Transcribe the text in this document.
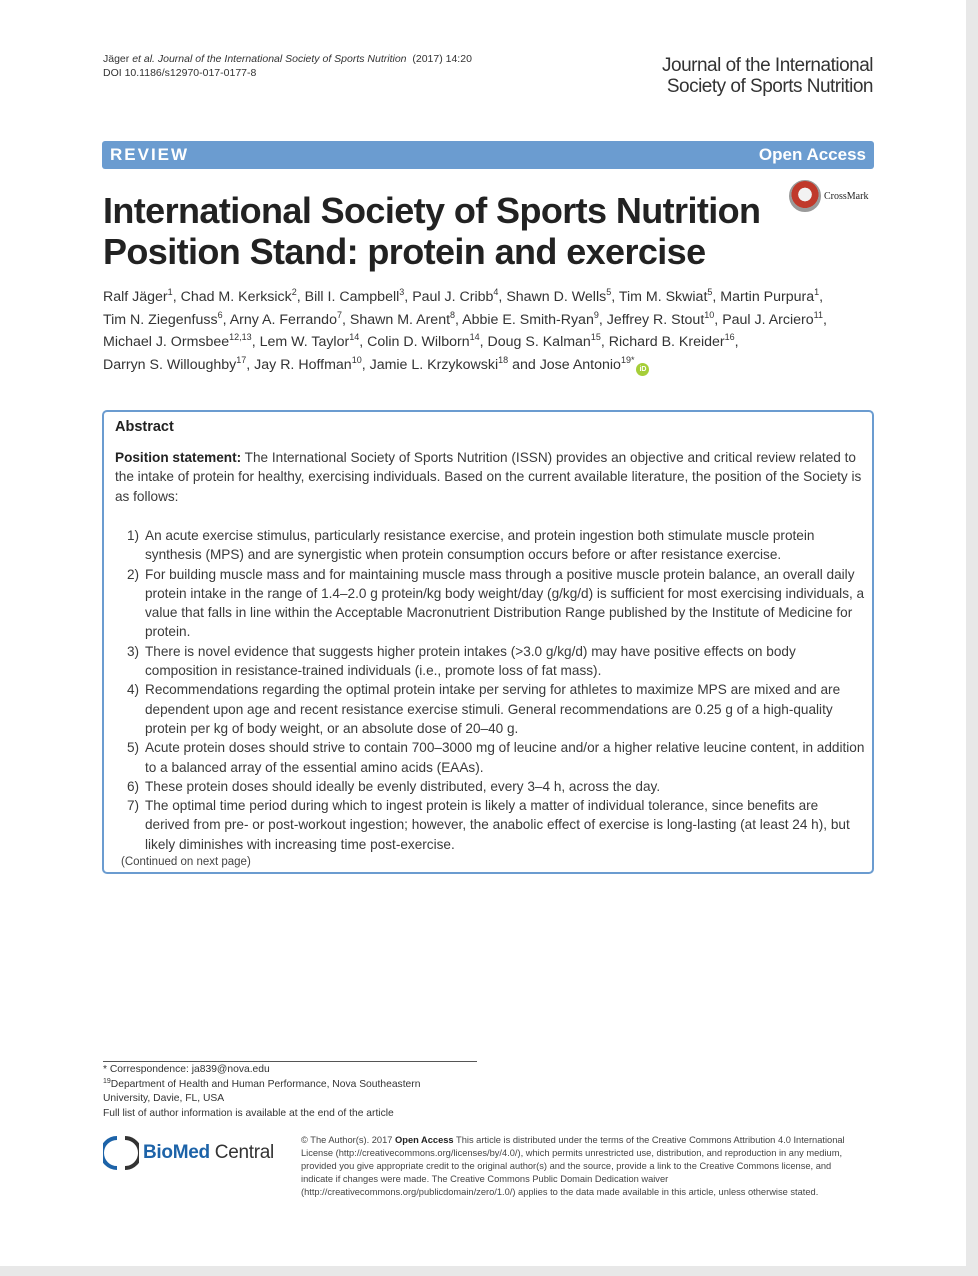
Jäger et al. Journal of the International Society of Sports Nutrition (2017) 14:20
DOI 10.1186/s12970-017-0177-8	Journal of the International
Society of Sports Nutrition
REVIEW	Open Access
CrossMark
International Society of Sports Nutrition
Position Stand: protein and exercise
Ralf Jäger$^1$, Chad M. Kerksick$^2$, Bill I. Campbell$^3$, Paul J. Cribb$^4$, Shawn D. Wells$^5$, Tim M. Skwiat$^5$, Martin Purpura$^1$,
Tim N. Ziegenfuss$^6$, Arny A. Ferrando$^7$, Shawn M. Arent$^8$, Abbie E. Smith-Ryan$^9$, Jeffrey R. Stout$^{10}$, Paul J. Arciero$^{11}$,
Michael J. Ormsbee$^{12,13}$, Lem W. Taylor$^{14}$, Colin D. Wilborn$^{14}$, Doug S. Kalman$^{15}$, Richard B. Kreider$^{16}$,
Darryn S. Willoughby$^{17}$, Jay R. Hoffman$^{10}$, Jamie L. Krzykowski$^{18}$ and Jose Antonio$^{19*}$iD
Abstract

Position statement: The International Society of Sports Nutrition (ISSN) provides an objective and critical review related to the intake of protein for healthy, exercising individuals. Based on the current available literature, the position of the Society is as follows:

1) An acute exercise stimulus, particularly resistance exercise, and protein ingestion both stimulate muscle protein synthesis (MPS) and are synergistic when protein consumption occurs before or after resistance exercise.
2) For building muscle mass and for maintaining muscle mass through a positive muscle protein balance, an overall daily protein intake in the range of 1.4–2.0 g protein/kg body weight/day (g/kg/d) is sufficient for most exercising individuals, a value that falls in line within the Acceptable Macronutrient Distribution Range published by the Institute of Medicine for protein.
3) There is novel evidence that suggests higher protein intakes (>3.0 g/kg/d) may have positive effects on body composition in resistance-trained individuals (i.e., promote loss of fat mass).
4) Recommendations regarding the optimal protein intake per serving for athletes to maximize MPS are mixed and are dependent upon age and recent resistance exercise stimuli. General recommendations are 0.25 g of a high-quality protein per kg of body weight, or an absolute dose of 20–40 g.
5) Acute protein doses should strive to contain 700–3000 mg of leucine and/or a higher relative leucine content, in addition to a balanced array of the essential amino acids (EAAs).
6) These protein doses should ideally be evenly distributed, every 3–4 h, across the day.
7) The optimal time period during which to ingest protein is likely a matter of individual tolerance, since benefits are derived from pre- or post-workout ingestion; however, the anabolic effect of exercise is long-lasting (at least 24 h), but likely diminishes with increasing time post-exercise.
(Continued on next page)
* Correspondence: ja839@nova.edu
$^{19}$Department of Health and Human Performance, Nova Southeastern
University, Davie, FL, USA
Full list of author information is available at the end of the article
BioMed Central
© The Author(s). 2017 Open Access This article is distributed under the terms of the Creative Commons Attribution 4.0 International License (http://creativecommons.org/licenses/by/4.0/), which permits unrestricted use, distribution, and reproduction in any medium, provided you give appropriate credit to the original author(s) and the source, provide a link to the Creative Commons license, and indicate if changes were made. The Creative Commons Public Domain Dedication waiver (http://creativecommons.org/publicdomain/zero/1.0/) applies to the data made available in this article, unless otherwise stated.
